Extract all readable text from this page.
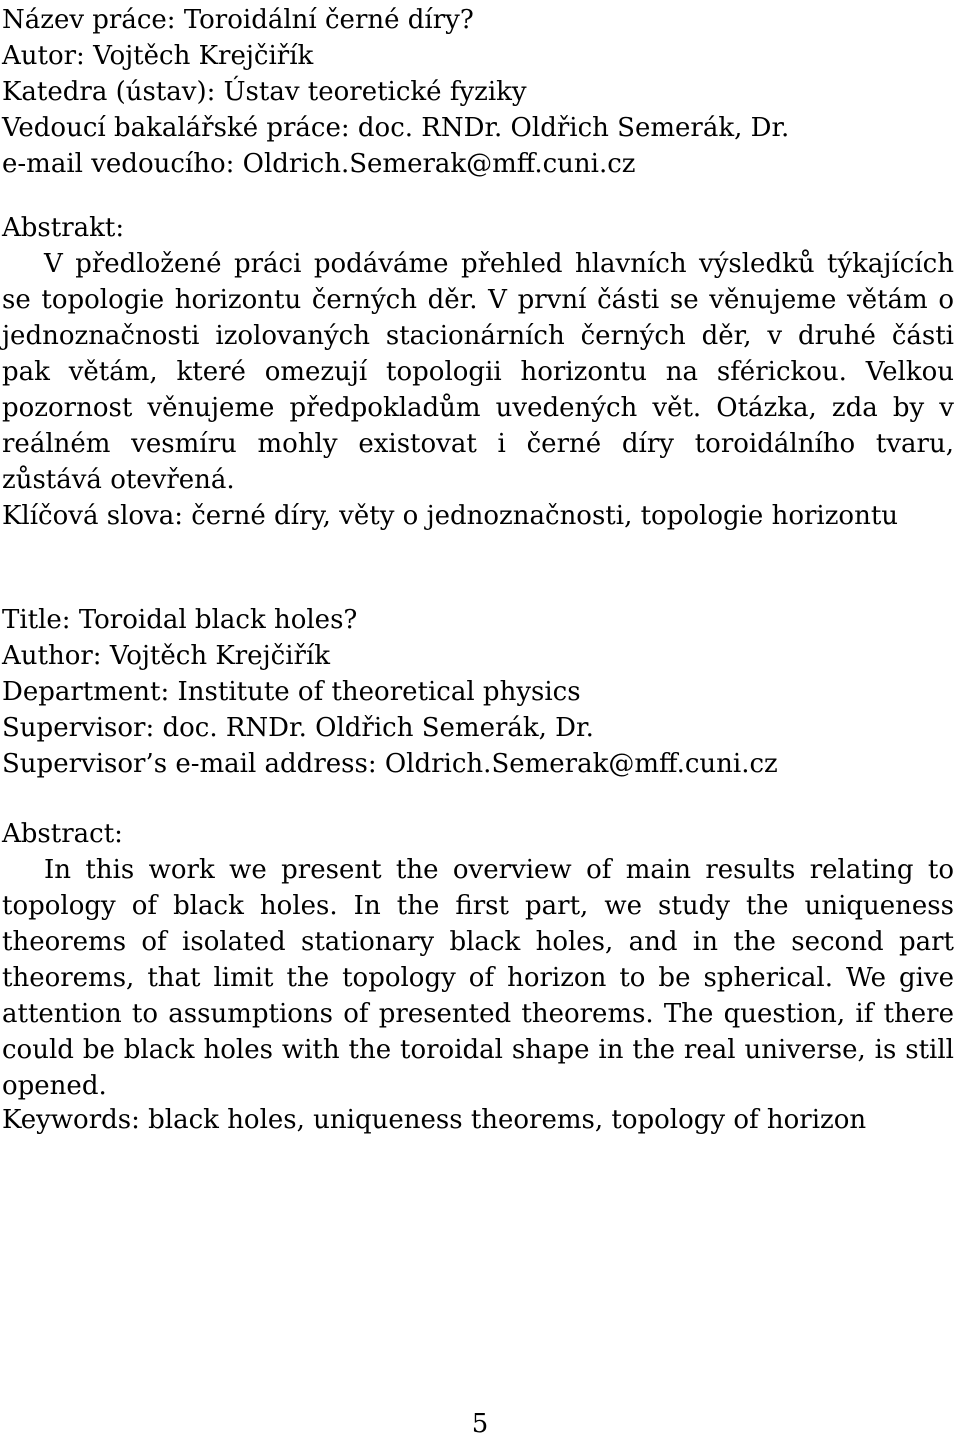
Název práce: Toroidální černé díry?
Autor: Vojtěch Krejčiřík
Katedra (ústav): Ústav teoretické fyziky
Vedoucí bakalářské práce: doc. RNDr. Oldřich Semerák, Dr.
e-mail vedoucího: Oldrich.Semerak@mff.cuni.cz
Abstrakt:
V předložené práci podáváme přehled hlavních výsledků týkajících se topologie horizontu černých děr. V první části se věnujeme větám o jednoznačnosti izolovaných stacionárních černých děr, v druhé části pak větám, které omezují topologii horizontu na sférickou. Velkou pozornost věnujeme předpokladům uvedených vět. Otázka, zda by v reálném vesmíru mohly existovat i černé díry toroidálního tvaru, zůstává otevřená.
Klíčová slova: černé díry, věty o jednoznačnosti, topologie horizontu
Title: Toroidal black holes?
Author: Vojtěch Krejčiřík
Department: Institute of theoretical physics
Supervisor: doc. RNDr. Oldřich Semerák, Dr.
Supervisor’s e-mail address: Oldrich.Semerak@mff.cuni.cz
Abstract:
In this work we present the overview of main results relating to topology of black holes. In the first part, we study the uniqueness theorems of isolated stationary black holes, and in the second part theorems, that limit the topology of horizon to be spherical. We give attention to assumptions of presented theorems. The question, if there could be black holes with the toroidal shape in the real universe, is still opened.
Keywords: black holes, uniqueness theorems, topology of horizon
5
